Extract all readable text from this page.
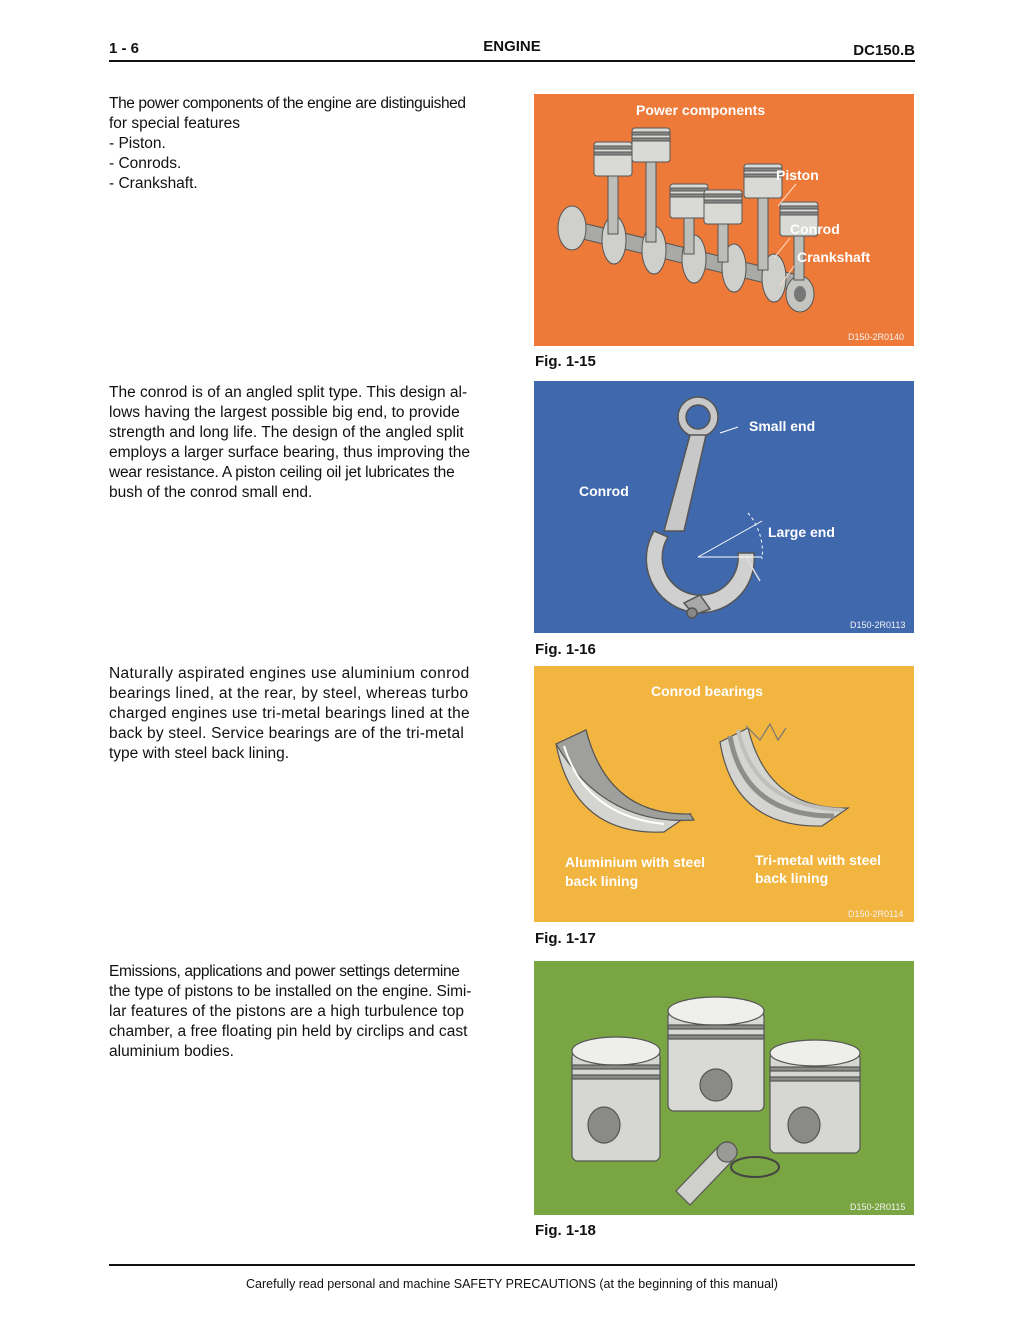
1 - 6	ENGINE	DC150.B
The power components of the engine are distinguished
for special features
- Piston.
- Conrods.
- Crankshaft.
The conrod is of an angled split type. This design al-
lows having the largest possible big end, to provide
strength and long life. The design of the angled split
employs a larger surface bearing, thus improving the
wear resistance. A piston ceiling oil jet lubricates the
bush of the conrod small end.
Naturally aspirated engines use aluminium conrod
bearings lined, at the rear, by steel, whereas turbo
charged engines use tri-metal bearings lined at the
back by steel. Service bearings are of the tri-metal
type with steel back lining.
Emissions, applications and power settings determine
the type of pistons to be installed on the engine. Simi-
lar features of the pistons are a high turbulence top
chamber, a free floating pin held by circlips and cast
aluminium bodies.
Power components
Piston
Conrod
Crankshaft
D150-2R0140
Fig. 1-15
Small end
Conrod
Large end
D150-2R0113
Fig. 1-16
Conrod bearings
Aluminium with steel
back lining
Tri-metal with steel
back lining
D150-2R0114
Fig. 1-17
D150-2R0115
Fig. 1-18
Carefully read personal and machine SAFETY PRECAUTIONS (at the beginning of this manual)
